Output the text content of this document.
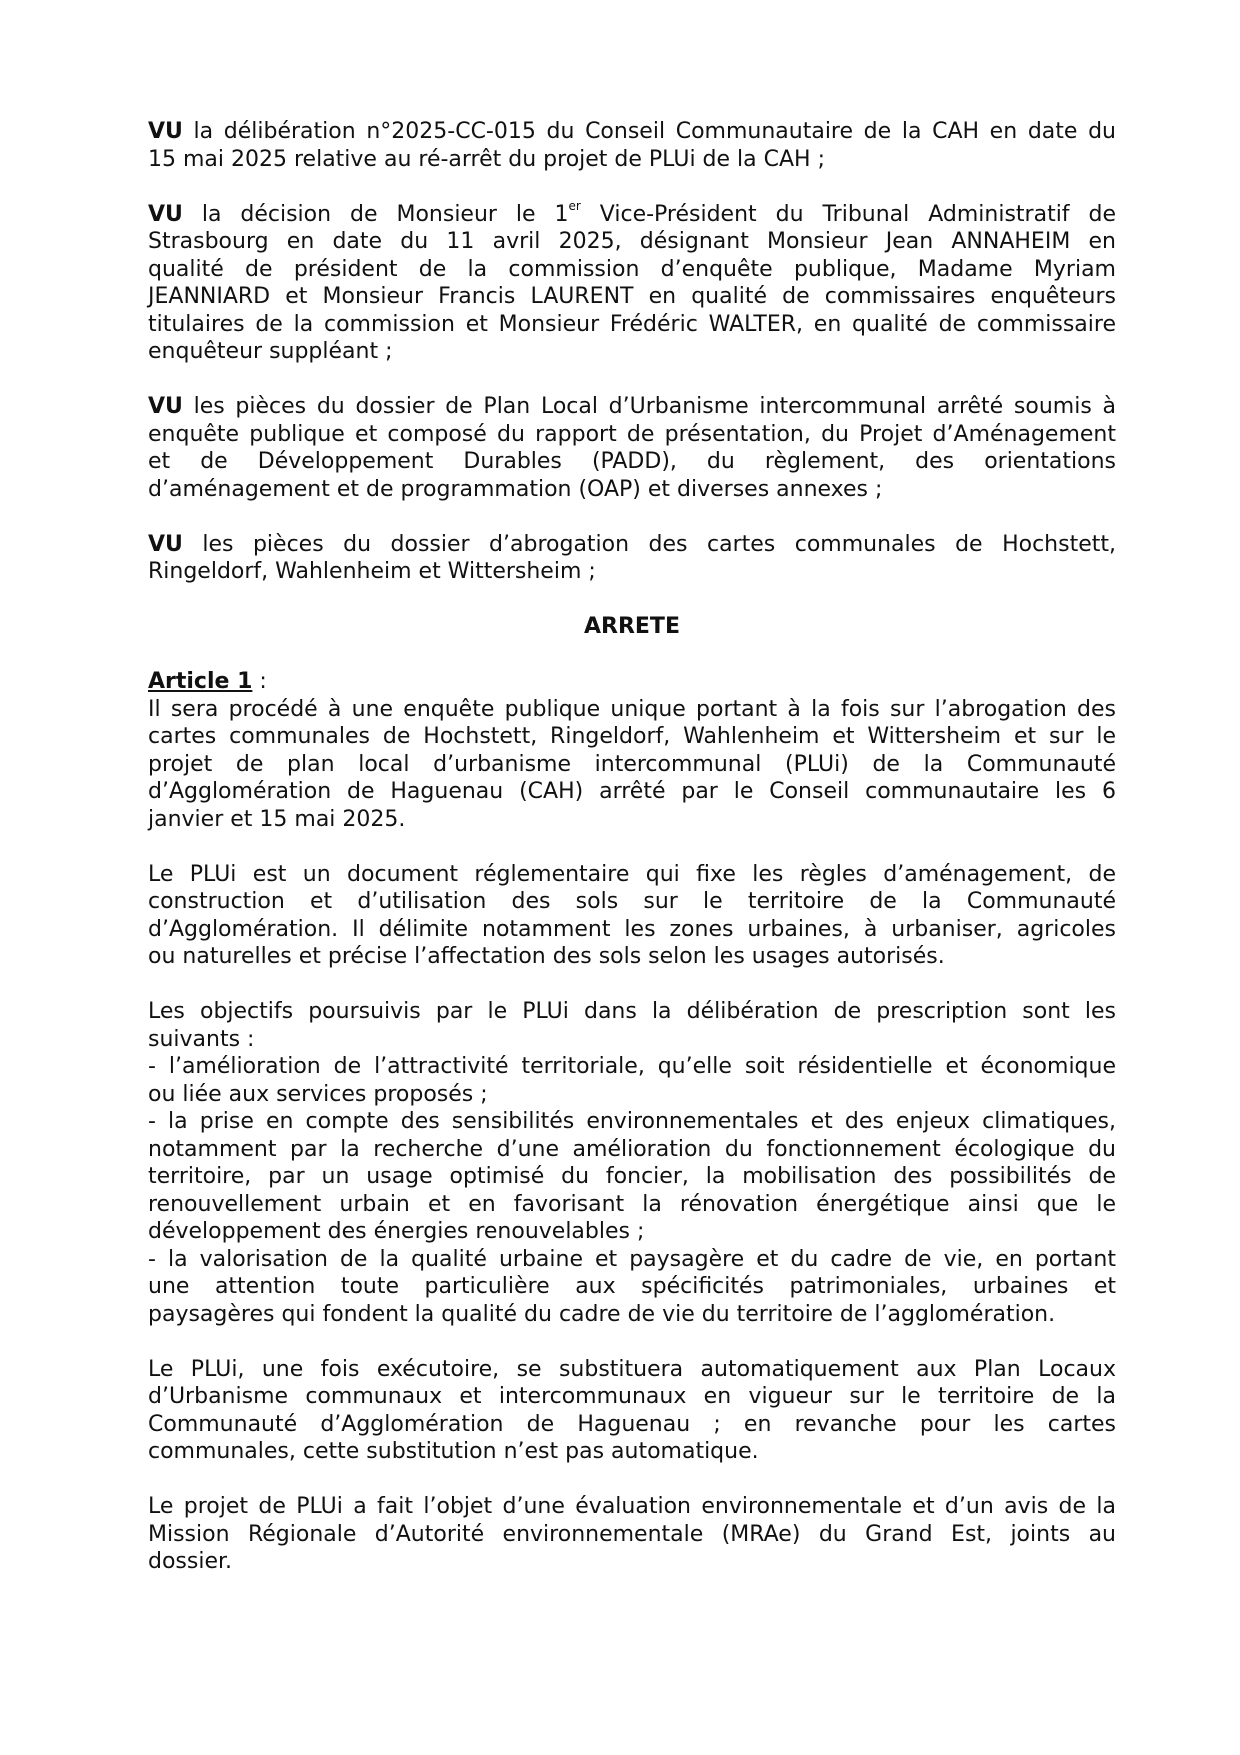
VU la délibération n°2025-CC-015 du Conseil Communautaire de la CAH en date du
15 mai 2025 relative au ré-arrêt du projet de PLUi de la CAH ;

VU la décision de Monsieur le 1er Vice-Président du Tribunal Administratif de
Strasbourg en date du 11 avril 2025, désignant Monsieur Jean ANNAHEIM en
qualité de président de la commission d’enquête publique, Madame Myriam
JEANNIARD et Monsieur Francis LAURENT en qualité de commissaires enquêteurs
titulaires de la commission et Monsieur Frédéric WALTER, en qualité de commissaire
enquêteur suppléant ;

VU les pièces du dossier de Plan Local d’Urbanisme intercommunal arrêté soumis à
enquête publique et composé du rapport de présentation, du Projet d’Aménagement
et de Développement Durables (PADD), du règlement, des orientations
d’aménagement et de programmation (OAP) et diverses annexes ;

VU les pièces du dossier d’abrogation des cartes communales de Hochstett,
Ringeldorf, Wahlenheim et Wittersheim ;

ARRETE
Article 1 :

Il sera procédé à une enquête publique unique portant à la fois sur l’abrogation des
cartes communales de Hochstett, Ringeldorf, Wahlenheim et Wittersheim et sur le
projet de plan local d’urbanisme intercommunal (PLUi) de la Communauté
d’Agglomération de Haguenau (CAH) arrêté par le Conseil communautaire les 6
janvier et 15 mai 2025.

Le PLUi est un document réglementaire qui fixe les règles d’aménagement, de
construction et d’utilisation des sols sur le territoire de la Communauté
d’Agglomération. Il délimite notamment les zones urbaines, à urbaniser, agricoles
ou naturelles et précise l’affectation des sols selon les usages autorisés.

Les objectifs poursuivis par le PLUi dans la délibération de prescription sont les
suivants :
- l’amélioration de l’attractivité territoriale, qu’elle soit résidentielle et économique
ou liée aux services proposés ;
- la prise en compte des sensibilités environnementales et des enjeux climatiques,
notamment par la recherche d’une amélioration du fonctionnement écologique du
territoire, par un usage optimisé du foncier, la mobilisation des possibilités de
renouvellement urbain et en favorisant la rénovation énergétique ainsi que le
développement des énergies renouvelables ;
- la valorisation de la qualité urbaine et paysagère et du cadre de vie, en portant
une attention toute particulière aux spécificités patrimoniales, urbaines et
paysagères qui fondent la qualité du cadre de vie du territoire de l’agglomération.

Le PLUi, une fois exécutoire, se substituera automatiquement aux Plan Locaux
d’Urbanisme communaux et intercommunaux en vigueur sur le territoire de la
Communauté d’Agglomération de Haguenau ; en revanche pour les cartes
communales, cette substitution n’est pas automatique.

Le projet de PLUi a fait l’objet d’une évaluation environnementale et d’un avis de la
Mission Régionale d’Autorité environnementale (MRAe) du Grand Est, joints au
dossier.
